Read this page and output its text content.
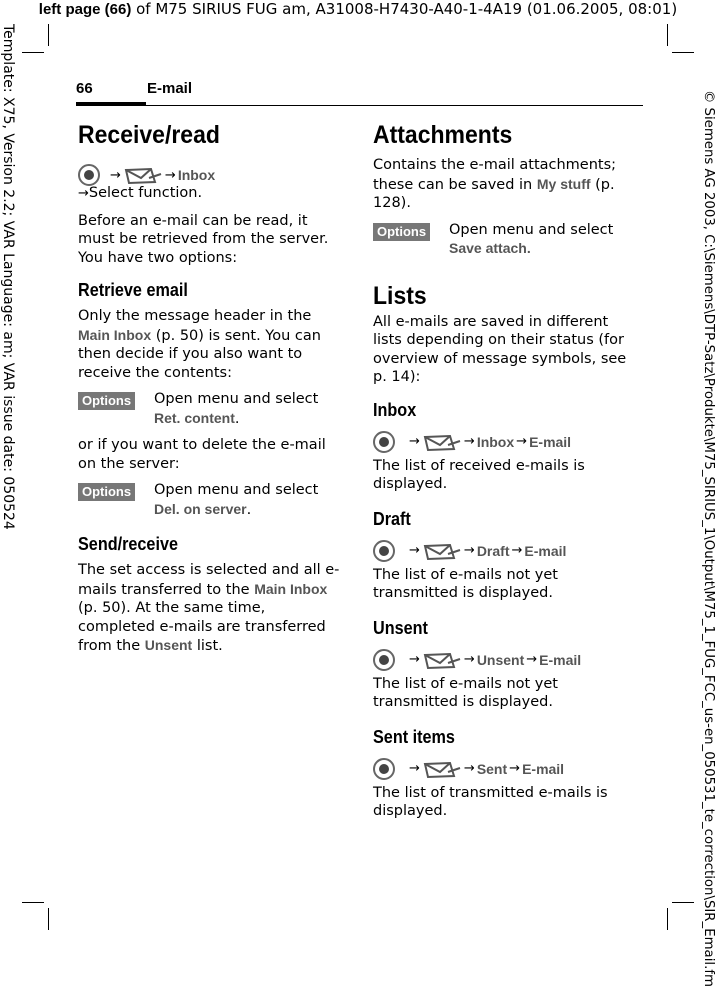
left page (66) of M75 SIRIUS FUG am, A31008-H7430-A40-1-4A19 (01.06.2005, 08:01)
Template: X75, Version 2.2; VAR Language: am; VAR issue date: 050524	© Siemens AG 2003, C:\Siemens\DTP-Satz\Produkte\M75_SIRIUS_1\Output\M75_1_FUG_FCC_us-en_050531_te_correction\SIR_Email.fm
66	E-mail
Receive/read
→	→ Inbox

→Select function.

Before an e-mail can be read, it must be retrieved from the server. You have two options:

Retrieve email

Only the message header in the Main Inbox (p. 50) is sent. You can then decide if you also want to receive the contents:

Options	Open menu and select
Ret. content.

or if you want to delete the e-mail on the server:

Options	Open menu and select
Del. on server.
Send/receive

The set access is selected and all e-mails transferred to the Main Inbox (p. 50). At the same time, completed e-mails are transferred from the Unsent list.

Attachments

Contains the e-mail attachments; these can be saved in My stuff (p. 128).

Options	Open menu and select
Save attach.
Lists

All e-mails are saved in different lists depending on their status (for overview of message symbols, see p. 14):

Inbox
→	→ Inbox → E-mail

The list of received e-mails is displayed.

Draft
→	→ Draft → E-mail

The list of e-mails not yet transmitted is displayed.

Unsent
→	→ Unsent → E-mail

The list of e-mails not yet transmitted is displayed.

Sent items
→	→ Sent → E-mail

The list of transmitted e-mails is displayed.
